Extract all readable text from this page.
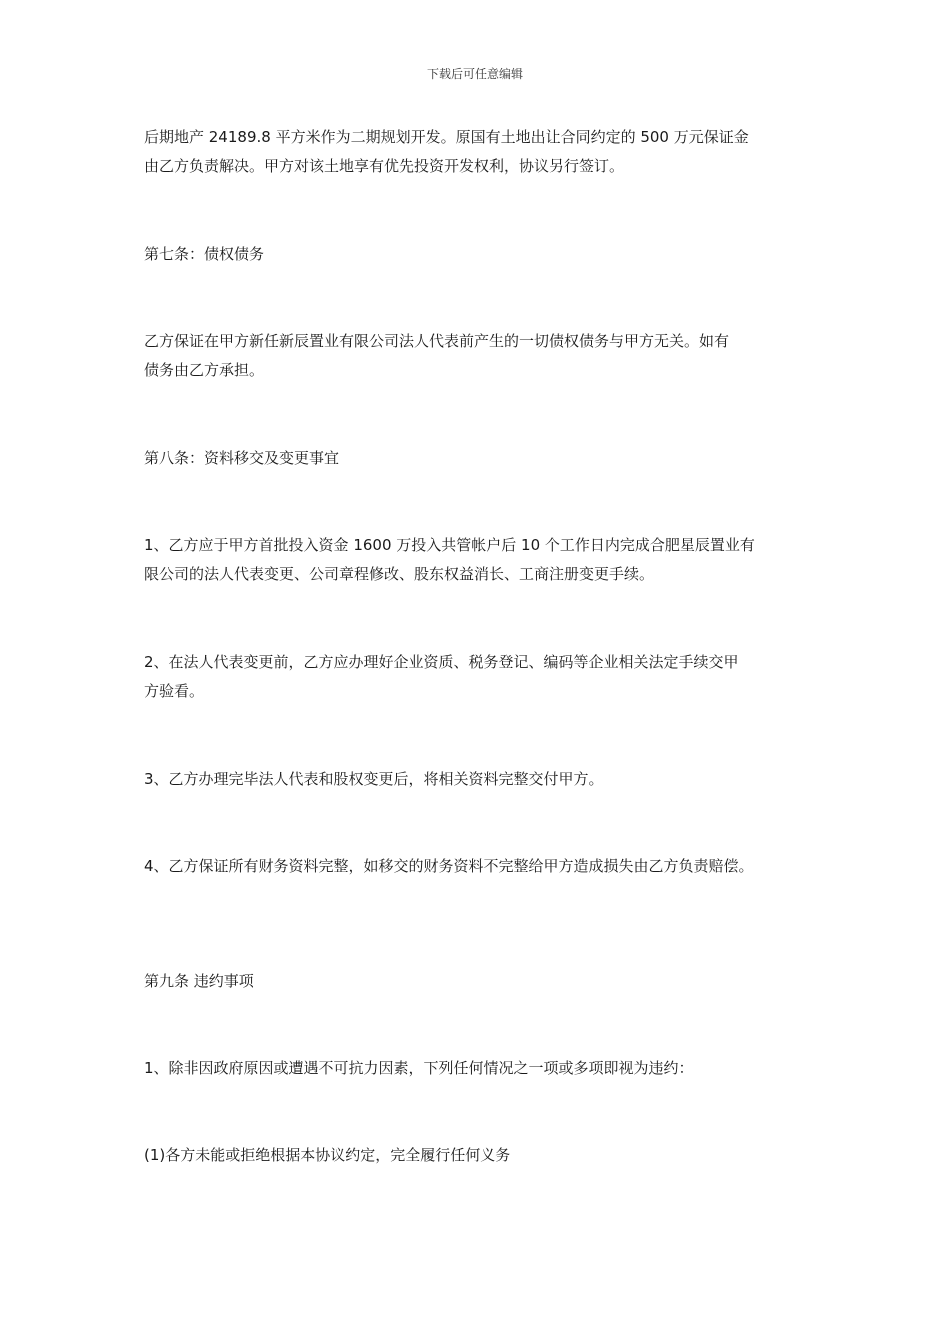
下载后可任意编辑
后期地产 24189.8 平方米作为二期规划开发。原国有土地出让合同约定的 500 万元保证金
由乙方负责解决。甲方对该土地享有优先投资开发权利，协议另行签订。
第七条：债权债务
乙方保证在甲方新任新辰置业有限公司法人代表前产生的一切债权债务与甲方无关。如有
债务由乙方承担。
第八条：资料移交及变更事宜
1、乙方应于甲方首批投入资金 1600 万投入共管帐户后 10 个工作日内完成合肥星辰置业有
限公司的法人代表变更、公司章程修改、股东权益消长、工商注册变更手续。
2、在法人代表变更前，乙方应办理好企业资质、税务登记、编码等企业相关法定手续交甲
方验看。
3、乙方办理完毕法人代表和股权变更后，将相关资料完整交付甲方。
4、乙方保证所有财务资料完整，如移交的财务资料不完整给甲方造成损失由乙方负责赔偿。
第九条 违约事项
1、除非因政府原因或遭遇不可抗力因素，下列任何情况之一项或多项即视为违约：
(1)各方未能或拒绝根据本协议约定，完全履行任何义务
